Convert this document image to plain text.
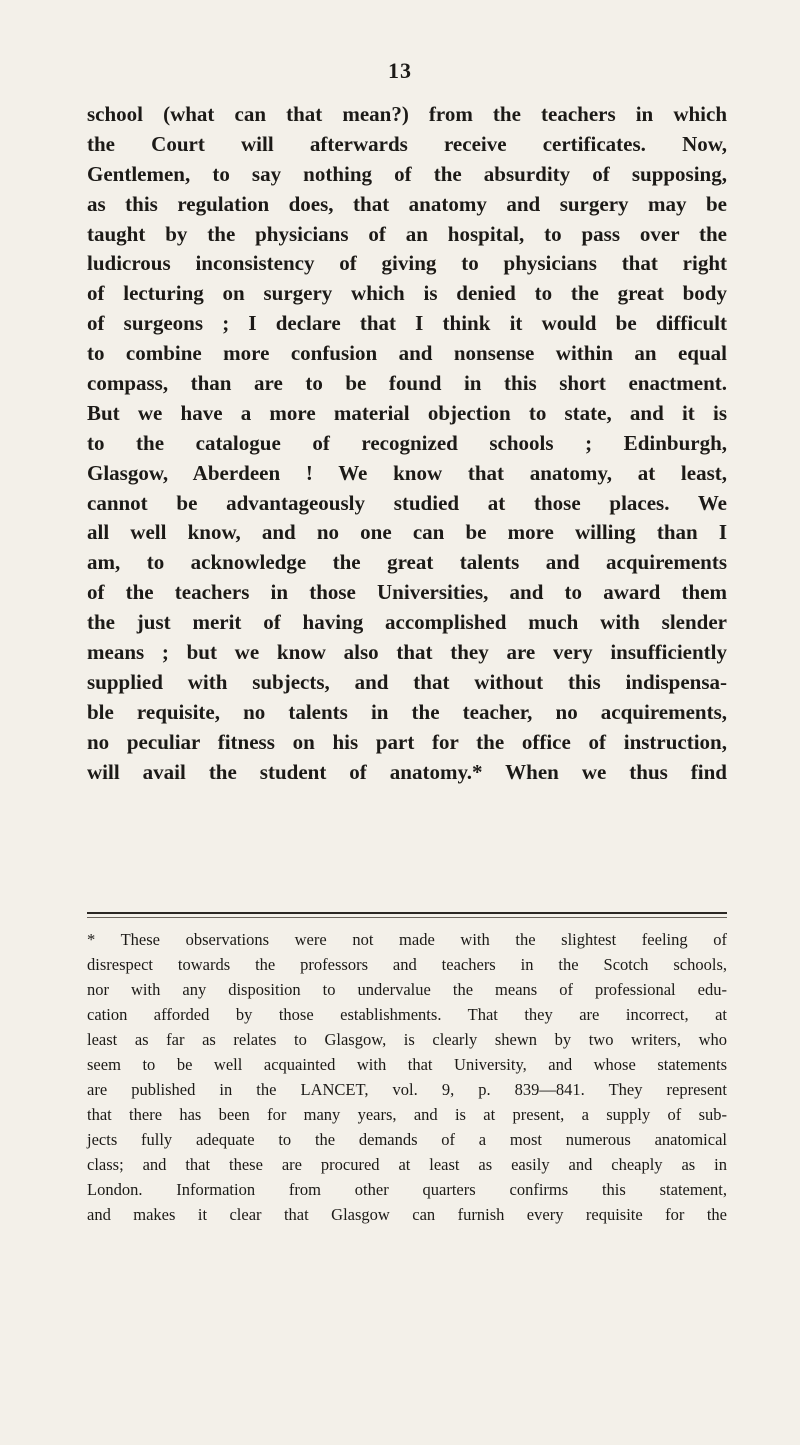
13
school (what can that mean?) from the teachers in which
the Court will afterwards receive certificates. Now,
Gentlemen, to say nothing of the absurdity of supposing,
as this regulation does, that anatomy and surgery may be
taught by the physicians of an hospital, to pass over the
ludicrous inconsistency of giving to physicians that right
of lecturing on surgery which is denied to the great body
of surgeons ; I declare that I think it would be difficult
to combine more confusion and nonsense within an equal
compass, than are to be found in this short enactment.
But we have a more material objection to state, and it is
to the catalogue of recognized schools ; Edinburgh,
Glasgow, Aberdeen ! We know that anatomy, at least,
cannot be advantageously studied at those places. We
all well know, and no one can be more willing than I
am, to acknowledge the great talents and acquirements
of the teachers in those Universities, and to award them
the just merit of having accomplished much with slender
means ; but we know also that they are very insufficiently
supplied with subjects, and that without this indispensa-
ble requisite, no talents in the teacher, no acquirements,
no peculiar fitness on his part for the office of instruction,
will avail the student of anatomy.* When we thus find
* These observations were not made with the slightest feeling of
disrespect towards the professors and teachers in the Scotch schools,
nor with any disposition to undervalue the means of professional edu-
cation afforded by those establishments. That they are incorrect, at
least as far as relates to Glasgow, is clearly shewn by two writers, who
seem to be well acquainted with that University, and whose statements
are published in the LANCET, vol. 9, p. 839—841. They represent
that there has been for many years, and is at present, a supply of sub-
jects fully adequate to the demands of a most numerous anatomical
class; and that these are procured at least as easily and cheaply as in
London. Information from other quarters confirms this statement,
and makes it clear that Glasgow can furnish every requisite for the
